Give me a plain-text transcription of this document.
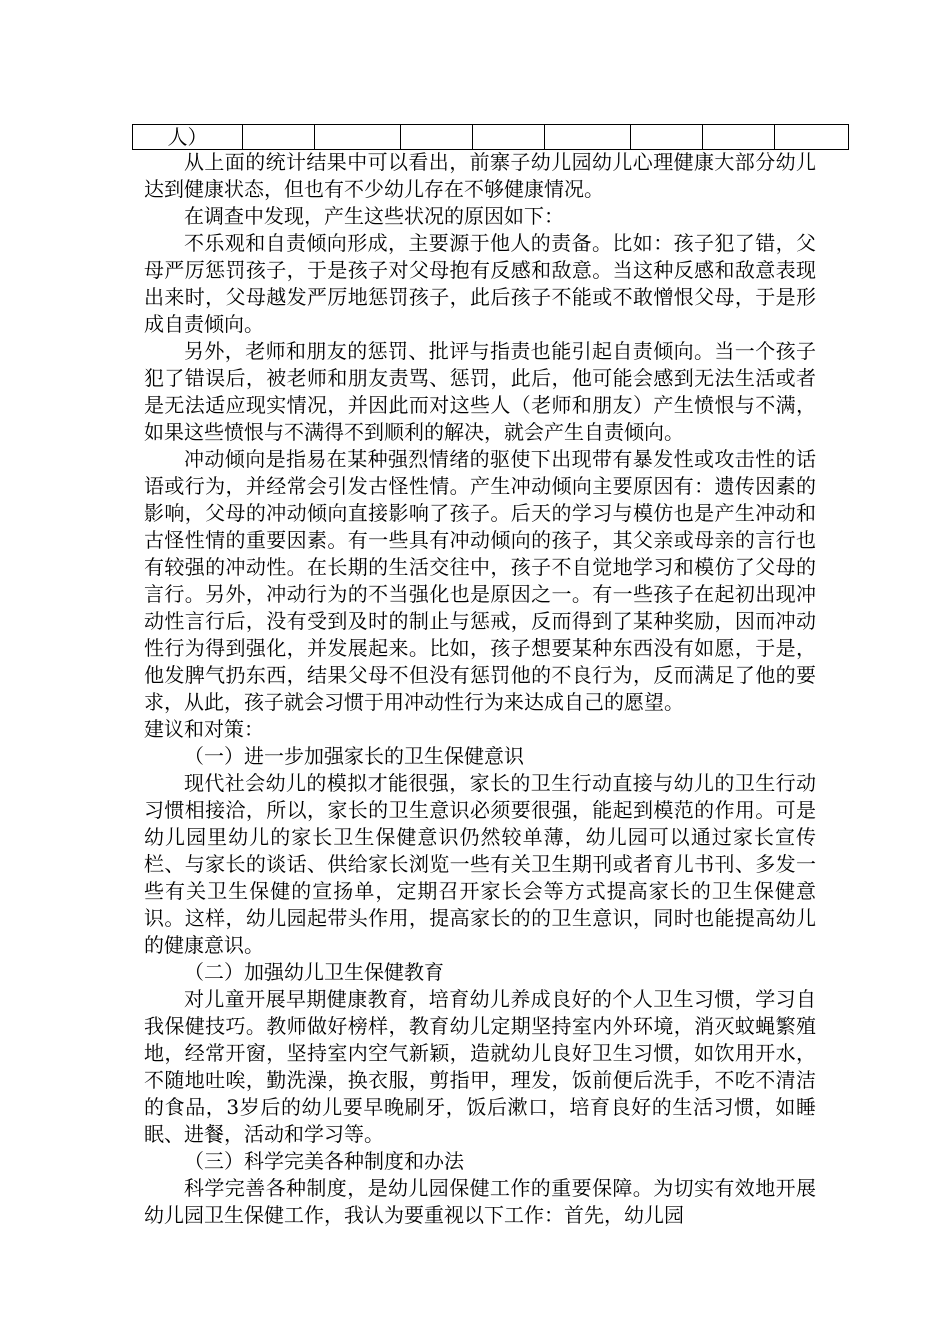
人）								

从上面的统计结果中可以看出，前寨子幼儿园幼儿心理健康大部分幼儿达到健康状态，但也有不少幼儿存在不够健康情况。

在调查中发现，产生这些状况的原因如下：

不乐观和自责倾向形成，主要源于他人的责备。比如：孩子犯了错，父母严厉惩罚孩子，于是孩子对父母抱有反感和敌意。当这种反感和敌意表现出来时，父母越发严厉地惩罚孩子，此后孩子不能或不敢憎恨父母，于是形成自责倾向。

另外，老师和朋友的惩罚、批评与指责也能引起自责倾向。当一个孩子犯了错误后，被老师和朋友责骂、惩罚，此后，他可能会感到无法生活或者是无法适应现实情况，并因此而对这些人（老师和朋友）产生愤恨与不满，如果这些愤恨与不满得不到顺利的解决，就会产生自责倾向。

冲动倾向是指易在某种强烈情绪的驱使下出现带有暴发性或攻击性的话语或行为，并经常会引发古怪性情。产生冲动倾向主要原因有：遗传因素的影响，父母的冲动倾向直接影响了孩子。后天的学习与模仿也是产生冲动和古怪性情的重要因素。有一些具有冲动倾向的孩子，其父亲或母亲的言行也有较强的冲动性。在长期的生活交往中，孩子不自觉地学习和模仿了父母的言行。另外，冲动行为的不当强化也是原因之一。有一些孩子在起初出现冲动性言行后，没有受到及时的制止与惩戒，反而得到了某种奖励，因而冲动性行为得到强化，并发展起来。比如，孩子想要某种东西没有如愿，于是，他发脾气扔东西，结果父母不但没有惩罚他的不良行为，反而满足了他的要求，从此，孩子就会习惯于用冲动性行为来达成自己的愿望。

建议和对策：

（一）进一步加强家长的卫生保健意识

现代社会幼儿的模拟才能很强，家长的卫生行动直接与幼儿的卫生行动习惯相接洽，所以，家长的卫生意识必须要很强，能起到模范的作用。可是幼儿园里幼儿的家长卫生保健意识仍然较单薄，幼儿园可以通过家长宣传栏、与家长的谈话、供给家长浏览一些有关卫生期刊或者育儿书刊、多发一些有关卫生保健的宣扬单，定期召开家长会等方式提高家长的卫生保健意识。这样，幼儿园起带头作用，提高家长的的卫生意识，同时也能提高幼儿的健康意识。

（二）加强幼儿卫生保健教育

对儿童开展早期健康教育，培育幼儿养成良好的个人卫生习惯，学习自我保健技巧。教师做好榜样，教育幼儿定期坚持室内外环境，消灭蚊蝇繁殖地，经常开窗，坚持室内空气新颖，造就幼儿良好卫生习惯，如饮用开水，不随地吐唉，勤洗澡，换衣服，剪指甲，理发，饭前便后洗手，不吃不清洁的食品，3岁后的幼儿要早晚刷牙，饭后漱口，培育良好的生活习惯，如睡眠、进餐，活动和学习等。

（三）科学完美各种制度和办法

科学完善各种制度，是幼儿园保健工作的重要保障。为切实有效地开展幼儿园卫生保健工作，我认为要重视以下工作：首先，幼儿园
